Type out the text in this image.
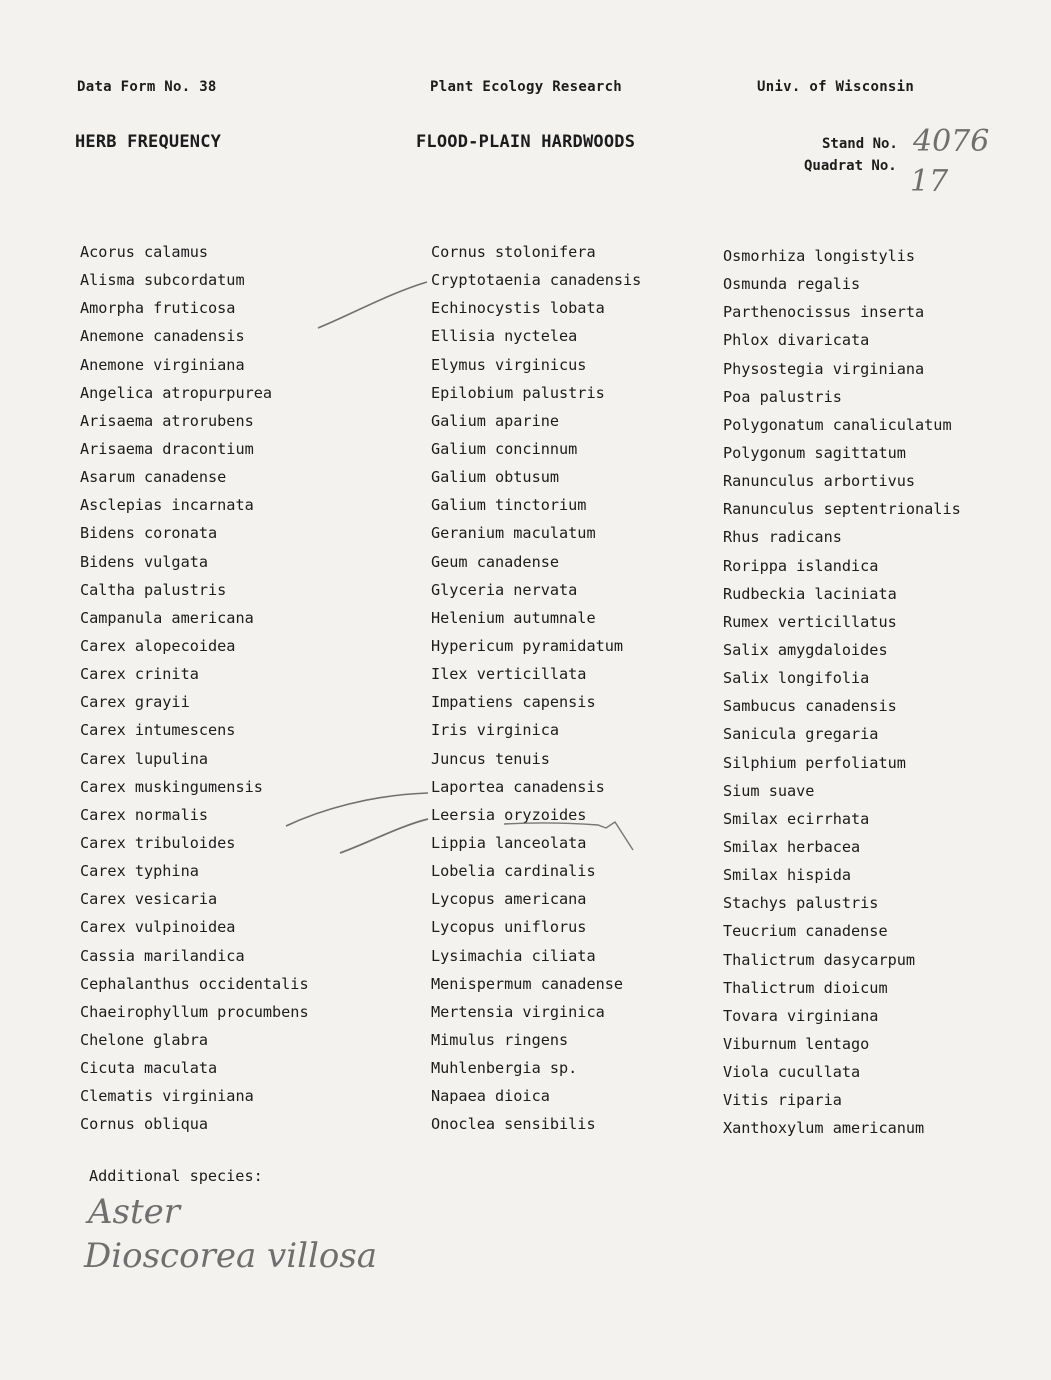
Data Form No. 38	Plant Ecology Research	Univ. of Wisconsin
HERB FREQUENCY	FLOOD-PLAIN HARDWOODS	Stand No. 4076
Quadrat No. 17
Acorus calamus
Alisma subcordatum
Amorpha fruticosa
Anemone canadensis
Anemone virginiana
Angelica atropurpurea
Arisaema atrorubens
Arisaema dracontium
Asarum canadense
Asclepias incarnata
Bidens coronata
Bidens vulgata
Caltha palustris
Campanula americana
Carex alopecoidea
Carex crinita
Carex grayii
Carex intumescens
Carex lupulina
Carex muskingumensis
Carex normalis
Carex tribuloides
Carex typhina
Carex vesicaria
Carex vulpinoidea
Cassia marilandica
Cephalanthus occidentalis
Chaeirophyllum procumbens
Chelone glabra
Cicuta maculata
Clematis virginiana
Cornus obliqua
Cornus stolonifera
Cryptotaenia canadensis
Echinocystis lobata
Ellisia nyctelea
Elymus virginicus
Epilobium palustris
Galium aparine
Galium concinnum
Galium obtusum
Galium tinctorium
Geranium maculatum
Geum canadense
Glyceria nervata
Helenium autumnale
Hypericum pyramidatum
Ilex verticillata
Impatiens capensis
Iris virginica
Juncus tenuis
Laportea canadensis
Leersia oryzoides
Lippia lanceolata
Lobelia cardinalis
Lycopus americana
Lycopus uniflorus
Lysimachia ciliata
Menispermum canadense
Mertensia virginica
Mimulus ringens
Muhlenbergia sp.
Napaea dioica
Onoclea sensibilis
Osmorhiza longistylis
Osmunda regalis
Parthenocissus inserta
Phlox divaricata
Physostegia virginiana
Poa palustris
Polygonatum canaliculatum
Polygonum sagittatum
Ranunculus arbortivus
Ranunculus septentrionalis
Rhus radicans
Rorippa islandica
Rudbeckia laciniata
Rumex verticillatus
Salix amygdaloides
Salix longifolia
Sambucus canadensis
Sanicula gregaria
Silphium perfoliatum
Sium suave
Smilax ecirrhata
Smilax herbacea
Smilax hispida
Stachys palustris
Teucrium canadense
Thalictrum dasycarpum
Thalictrum dioicum
Tovara virginiana
Viburnum lentago
Viola cucullata
Vitis riparia
Xanthoxylum americanum
Additional species:
Aster
Dioscorea villosa
